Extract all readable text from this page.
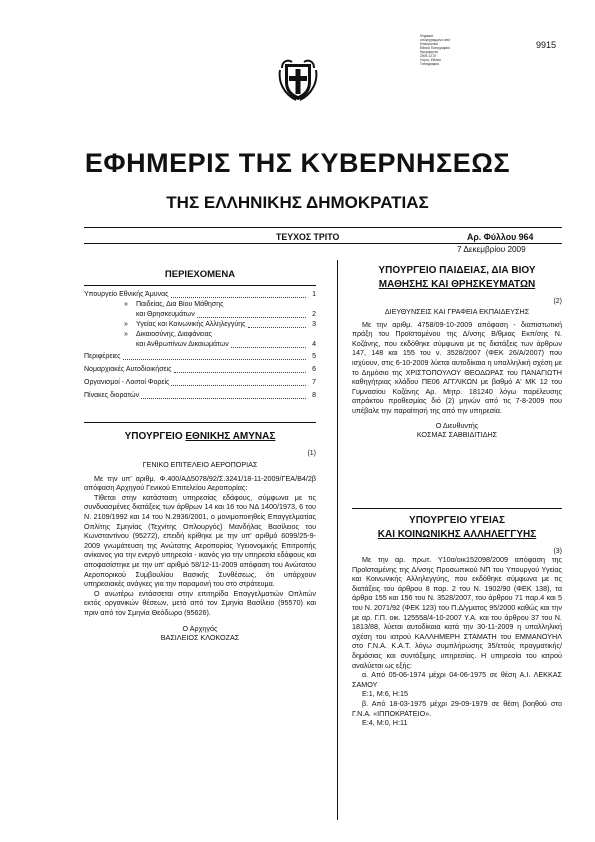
Ψηφιακά
υπογεγραμμένο από
Ηλεκτρονικό
Εθνικό Τυπογραφείο
Ημερομηνία:
2009.12.07
Λόγος: Εθνικό
Τυπογραφείο
9915
ΕΦΗΜΕΡΙΣ ΤΗΣ ΚΥΒΕΡΝΗΣΕΩΣ
ΤΗΣ ΕΛΛΗΝΙΚΗΣ ΔΗΜΟΚΡΑΤΙΑΣ
ΤΕΥΧΟΣ ΤΡΙΤΟ	Αρ. Φύλλου 964
7 Δεκεμβρίου 2009
ΠΕΡΙΕΧΟΜΕΝΑ
Υπουργείο Εθνικής Άμυνας	1
»	Παιδείας, Δια Βίου Μάθησης
και Θρησκευμάτων	2
»	Υγείας και Κοινωνικής Αλληλεγγύης	3
»	Δικαιοσύνης, Διαφάνειας
και Ανθρωπίνων Δικαιωμάτων	4
Περιφέρειες	5
Νομαρχιακές Αυτοδιοικήσεις	6
Οργανισμοί - Λοιποί Φορείς	7
Πίνακες διορατών	8
ΥΠΟΥΡΓΕΙΟ ΕΘΝΙΚΗΣ ΑΜΥΝΑΣ
(1)
ΓΕΝΙΚΟ ΕΠΙΤΕΛΕΙΟ ΑΕΡΟΠΟΡΙΑΣ

Με την υπ' αριθμ. Φ.400/ΑΔ5078/92/Σ.3241/18-11-2009/ΓΕΑ/Β4/2β απόφαση Αρχηγού Γενικού Επιτελείου Αεροπορίας:

Τίθεται στην κατάσταση υπηρεσίας εδάφους, σύμφωνα με τις συνδυασμένες διατάξεις των άρθρων 14 και 16 του ΝΔ 1400/1973, 6 του Ν. 2109/1992 και 14 του Ν.2936/2001, ο μονιμοποιηθείς Επαγγελματίας Οπλίτης Σμηνίας (Τεχνίτης Οπλουργός) Μανδήλας Βασίλειος του Κωνσταντίνου (95272), επειδή κρίθηκε με την υπ' αριθμό 6099/25-9-2009 γνωμάτευση της Ανώτατης Αεροπορίας Υγειονομικής Επιτροπής ανίκανος για την ενεργό υπηρεσία - ικανός για την υπηρεσία εδάφους και αποφασίστηκε με την υπ' αριθμό 58/12-11-2009 απόφαση του Ανώτατου Αεροπορικού Συμβουλίου Βασικής Συνθέσεως, ότι υπάρχουν υπηρεσιακές ανάγκες για την παραμονή του στο στράτευμα.

Ο ανωτέρω εντάσσεται στην επιτηρίδα Επαγγελματιών Οπλιτών εκτός οργανικών θέσεων, μετά από τον Σμηνία Βασίλειο (95570) και πριν από τον Σμηνία Θεόδωρο (95626).

Ο Αρχηγός
ΒΑΣΙΛΕΙΟΣ ΚΛΟΚΟΖΑΣ
ΥΠΟΥΡΓΕΙΟ ΠΑΙΔΕΙΑΣ, ΔΙΑ ΒΙΟΥ
ΜΑΘΗΣΗΣ ΚΑΙ ΘΡΗΣΚΕΥΜΑΤΩΝ
(2)
ΔΙΕΥΘΥΝΣΕΙΣ ΚΑΙ ΓΡΑΦΕΙΑ ΕΚΠΑΙΔΕΥΣΗΣ

Με την αριθμ. 4758/09-10-2009 απόφαση - διαπιστωτική πράξη του Προϊσταμένου της Δ/νσης Β/θμιας Εκπ/σης Ν. Κοζάνης, που εκδόθηκε σύμφωνα με τις διατάξεις των άρθρων 147, 148 και 155 του ν. 3528/2007 (ΦΕΚ 26/Α/2007) που ισχύουν, στις 6-10-2009 λύεται αυτοδίκαια η υπαλληλική σχέση με το Δημόσιο της ΧΡΙΣΤΟΠΟΥΛΟΥ ΘΕΟΔΩΡΑΣ του ΠΑΝΑΓΙΩΤΗ καθηγήτριας κλάδου ΠΕ06 ΑΓΓΛΙΚΩΝ με βαθμό Α' ΜΚ 12 του Γυμνασίου Κοζάνης Αρ. Μητρ. 181240 λόγω παρέλευσης απράκτου προθεσμίας διό (2) μηνών από τις 7-8-2009 που υπέβαλε την παραίτησή της από την υπηρεσία.

Ο Διευθυντής
ΚΟΣΜΑΣ ΣΑΒΒΙΔΙΤΙΔΗΣ
ΥΠΟΥΡΓΕΙΟ ΥΓΕΙΑΣ
ΚΑΙ ΚΟΙΝΩΝΙΚΗΣ ΑΛΛΗΛΕΓΓΥΗΣ
(3)

Με την αρ. πρωτ. Υ10α/οικ152098/2009 απόφαση της Προϊσταμένης της Δ/νσης Προσωπικού ΝΠ του Υπουργού Υγείας και Κοινωνικής Αλληλεγγύης, που εκδόθηκε σύμφωνα με τις διατάξεις του άρθρου 8 παρ. 2 του Ν. 1902/90 (ΦΕΚ 138), τα άρθρα 155 και 156 του Ν. 3528/2007, του άρθρου 71 παρ.4 και 5 του Ν. 2071/92 (ΦΕΚ 123) του Π.Δ/γματος 95/2000 καθώς και την με αρ. Γ.Π. οικ. 125558/4-10-2007 Υ.Α. και του άρθρου 37 του Ν. 1813/88, λύεται αυτοδίκαια κατά την 30-11-2009 η υπαλληλική σχέση του ιατρού ΚΑΛΛΗΜΕΡΗ ΣΤΑΜΑΤΗ του ΕΜΜΑΝΟΥΗΛ στο Γ.Ν.Α. Κ.Α.Τ. λόγω συμπλήρωσης 35/ετούς πραγματικής/δημόσιας και συντάξιμης υπηρεσίας. Η υπηρεσία του ιατρού αναλύεται ως εξής:

α. Από 05-06-1974 μέχρι 04-06-1975 σε θέση Α.Ι. ΛΕΚΚΑΣ ΣΑΜΟΥ

Ε:1, Μ:6, Η:15

β. Από 18-03-1975 μέχρι 29-09-1979 σε θέση βοηθού στο Γ.Ν.Α. «ΙΠΠΟΚΡΑΤΕΙΟ».

Ε:4, Μ:0, Η:11
